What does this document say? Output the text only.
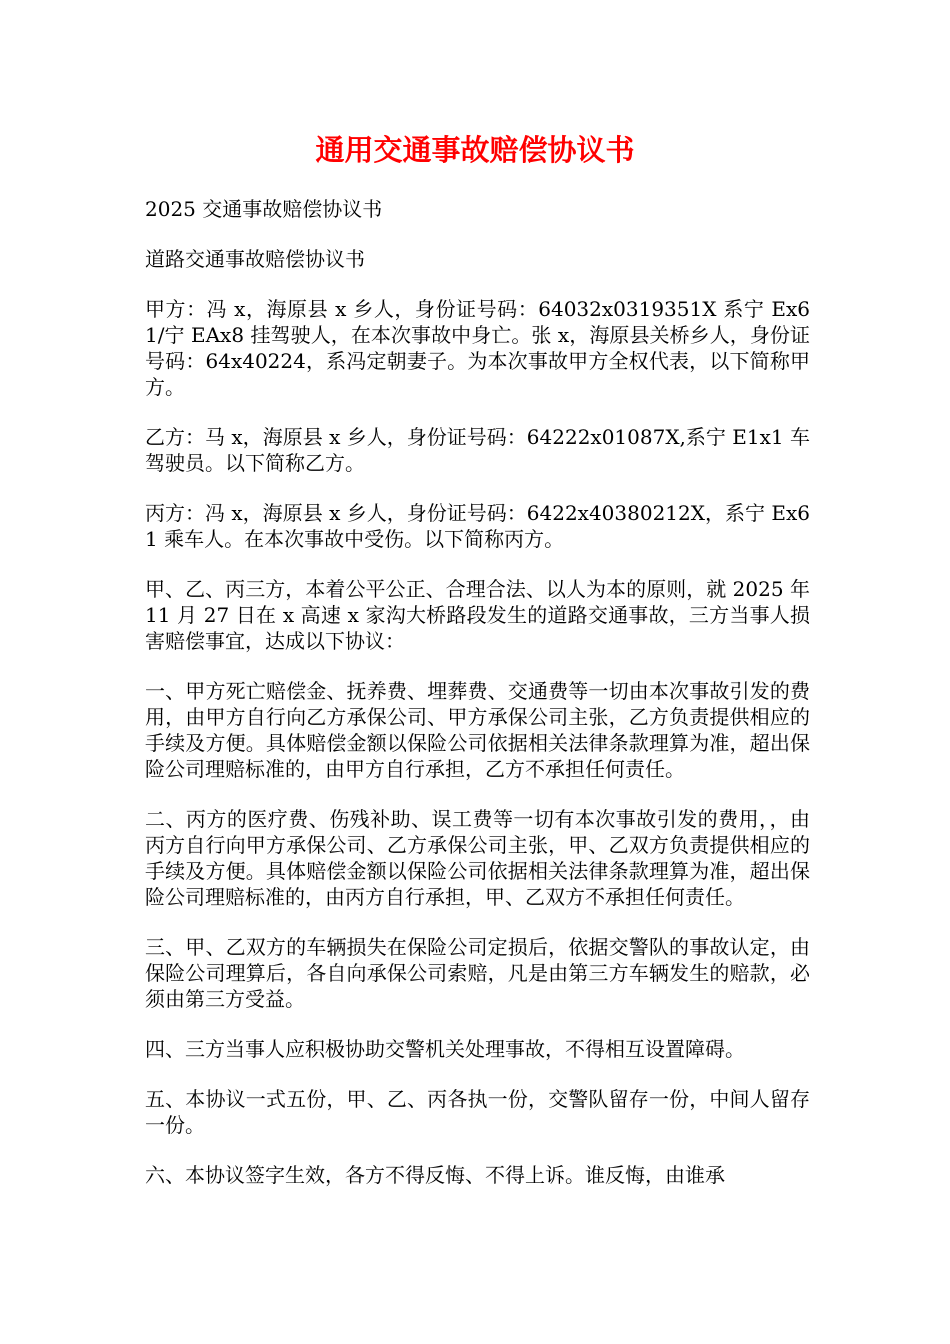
通用交通事故赔偿协议书

2025 交通事故赔偿协议书

道路交通事故赔偿协议书

甲方：冯 x，海原县 x 乡人，身份证号码：64032x0319351X 系宁 Ex61/宁 EAx8 挂驾驶人，在本次事故中身亡。张 x，海原县关桥乡人，身份证号码：64x40224，系冯定朝妻子。为本次事故甲方全权代表，以下简称甲方。

乙方：马 x，海原县 x 乡人，身份证号码：64222x01087X,系宁 E1x1 车驾驶员。以下简称乙方。

丙方：冯 x，海原县 x 乡人，身份证号码：6422x40380212X，系宁 Ex61 乘车人。在本次事故中受伤。以下简称丙方。

甲、乙、丙三方，本着公平公正、合理合法、以人为本的原则，就 2025 年 11 月 27 日在 x 高速 x 家沟大桥路段发生的道路交通事故，三方当事人损害赔偿事宜，达成以下协议：

一、甲方死亡赔偿金、抚养费、埋葬费、交通费等一切由本次事故引发的费用，由甲方自行向乙方承保公司、甲方承保公司主张，乙方负责提供相应的手续及方便。具体赔偿金额以保险公司依据相关法律条款理算为准，超出保险公司理赔标准的，由甲方自行承担，乙方不承担任何责任。

二、丙方的医疗费、伤残补助、误工费等一切有本次事故引发的费用，，由丙方自行向甲方承保公司、乙方承保公司主张，甲、乙双方负责提供相应的手续及方便。具体赔偿金额以保险公司依据相关法律条款理算为准，超出保险公司理赔标准的，由丙方自行承担，甲、乙双方不承担任何责任。

三、甲、乙双方的车辆损失在保险公司定损后，依据交警队的事故认定，由保险公司理算后，各自向承保公司索赔，凡是由第三方车辆发生的赔款，必须由第三方受益。

四、三方当事人应积极协助交警机关处理事故，不得相互设置障碍。

五、本协议一式五份，甲、乙、丙各执一份，交警队留存一份，中间人留存一份。

六、本协议签字生效，各方不得反悔、不得上诉。谁反悔，由谁承
